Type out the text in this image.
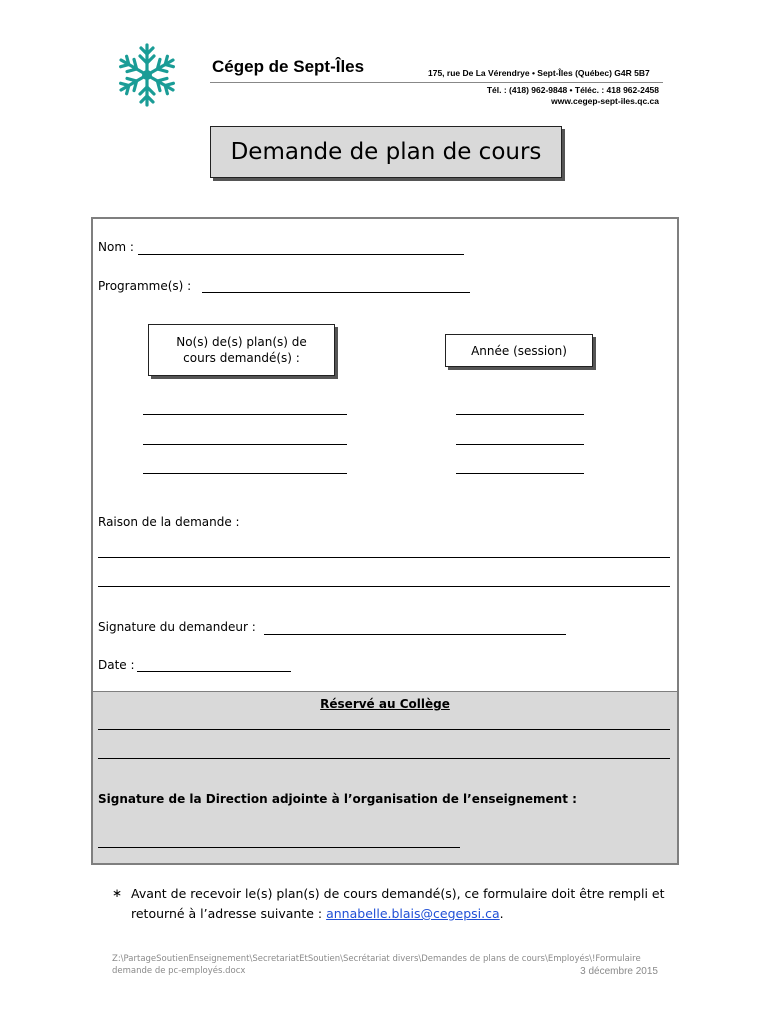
Cégep de Sept-Îles	175, rue De La Vérendrye • Sept-Îles (Québec) G4R 5B7
Tél. : (418) 962-9848 • Téléc. : 418 962-2458
www.cegep-sept-iles.qc.ca
Demande de plan de cours
Nom :
Programme(s) :
No(s) de(s) plan(s) de
cours demandé(s) :
Année (session)
Raison de la demande :
Signature du demandeur :
Date :
Réservé au Collège
Signature de la Direction adjointe à l’organisation de l’enseignement :
∗ Avant de recevoir le(s) plan(s) de cours demandé(s), ce formulaire doit être rempli et
retourné à l’adresse suivante : annabelle.blais@cegepsi.ca.
Z:\PartageSoutienEnseignement\SecretariatEtSoutien\Secrétariat divers\Demandes de plans de cours\Employés\!Formulaire
demande de pc-employés.docx	3 décembre 2015
